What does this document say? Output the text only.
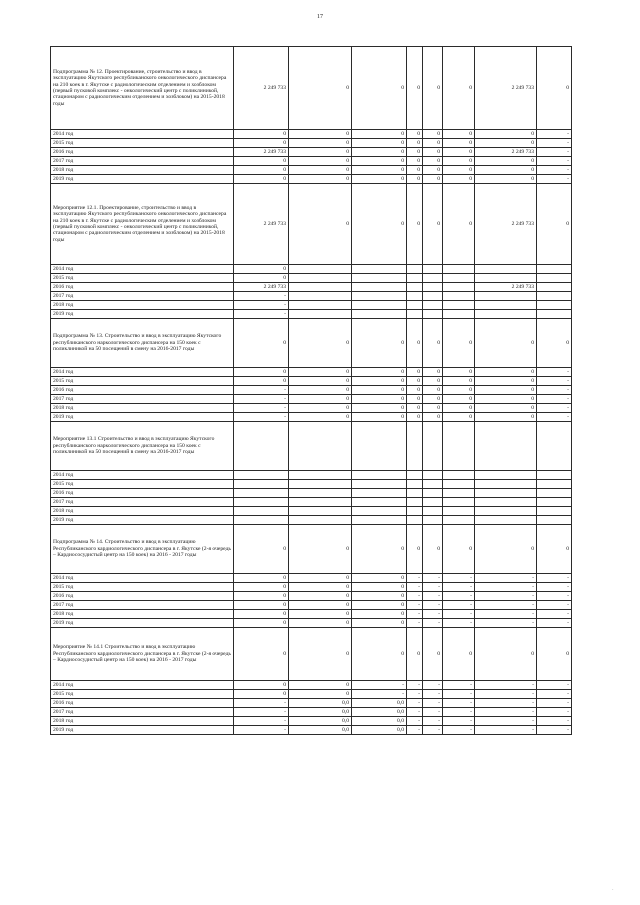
17
Подпрограмма № 12. Проектирование, строительство и ввод в эксплуатацию Якутского республиканского онкологического диспансера на 210 коек в г. Якутске с радиологическим отделением и хозблоком (первый пусковой комплекс - онкологический центр с поликлиникой, стационаром с радиологическим отделением и хозблоком) на 2015-2018 годы	2 249 733	0	0	0	0	0	2 249 733	0
2014 год	0	0	0	0	0	0	0	-
2015 год	0	0	0	0	0	0	0	-
2016 год	2 249 733	0	0	0	0	0	2 249 733	-
2017 год	0	0	0	0	0	0	0	-
2018 год	0	0	0	0	0	0	0	-
2019 год	0	0	0	0	0	0	0	-
Мероприятие 12.1. Проектирование, строительство и ввод в эксплуатацию Якутского республиканского онкологического диспансера на 210 коек в г. Якутске с радиологическим отделением и хозблоком (первый пусковой комплекс - онкологический центр с поликлиникой, стационаром с радиологическим отделением и хозблоком) на 2015-2018 годы	2 249 733	0	0	0	0	0	2 249 733	0
2014 год	0							
2015 год	0							
2016 год	2 249 733						2 249 733	
2017 год	-							
2018 год	-							
2019 год	-							
Подпрограмма № 13. Строительство и ввод в эксплуатацию Якутского республиканского наркологического диспансера на 150 коек с поликлиникой на 50 посещений в смену на 2016-2017 годы	0	0	0	0	0	0	0	0
2014 год	0	0	0	0	0	0	0	-
2015 год	0	0	0	0	0	0	0	-
2016 год	-	0	0	0	0	0	0	-
2017 год	-	0	0	0	0	0	0	-
2018 год	-	0	0	0	0	0	0	-
2019 год	-	0	0	0	0	0	0	-
Мероприятие 13.1 Строительство и ввод в эксплуатацию Якутского республиканского наркологического диспансера на 150 коек с поликлиникой на 50 посещений в смену на 2016-2017 годы								
2014 год								
2015 год								
2016 год								
2017 год								
2018 год								
2019 год								
Подпрограмма № 14. Строительство и ввод в эксплуатацию Республиканского кардиологического диспансера в г. Якутске (2-я очередь – Кардиососудистый центр на 150 коек) на 2016 - 2017 годы	0	0	0	0	0	0	0	0
2014 год	0	0	0	-	-	-	-	-
2015 год	0	0	0	-	-	-	-	-
2016 год	0	0	0	-	-	-	-	-
2017 год	0	0	0	-	-	-	-	-
2018 год	0	0	0	-	-	-	-	-
2019 год	0	0	0	-	-	-	-	-
Мероприятие № 14.1 Строительство и ввод в эксплуатацию Республиканского кардиологического диспансера в г. Якутске (2-я очередь – Кардиососудистый центр на 150 коек) на 2016 - 2017 годы	0	0	0	0	0	0	0	0
2014 год	0	0	-	-	-	-	-	-
2015 год	0	0	-	-	-	-	-	-
2016 год	-	0,0	0,0	-	-	-	-	-
2017 год	-	0,0	0,0	-	-	-	-	-
2018 год	-	0,0	0,0	-	-	-	-	-
2019 год	-	0,0	0,0	-	-	-	-	-
·
